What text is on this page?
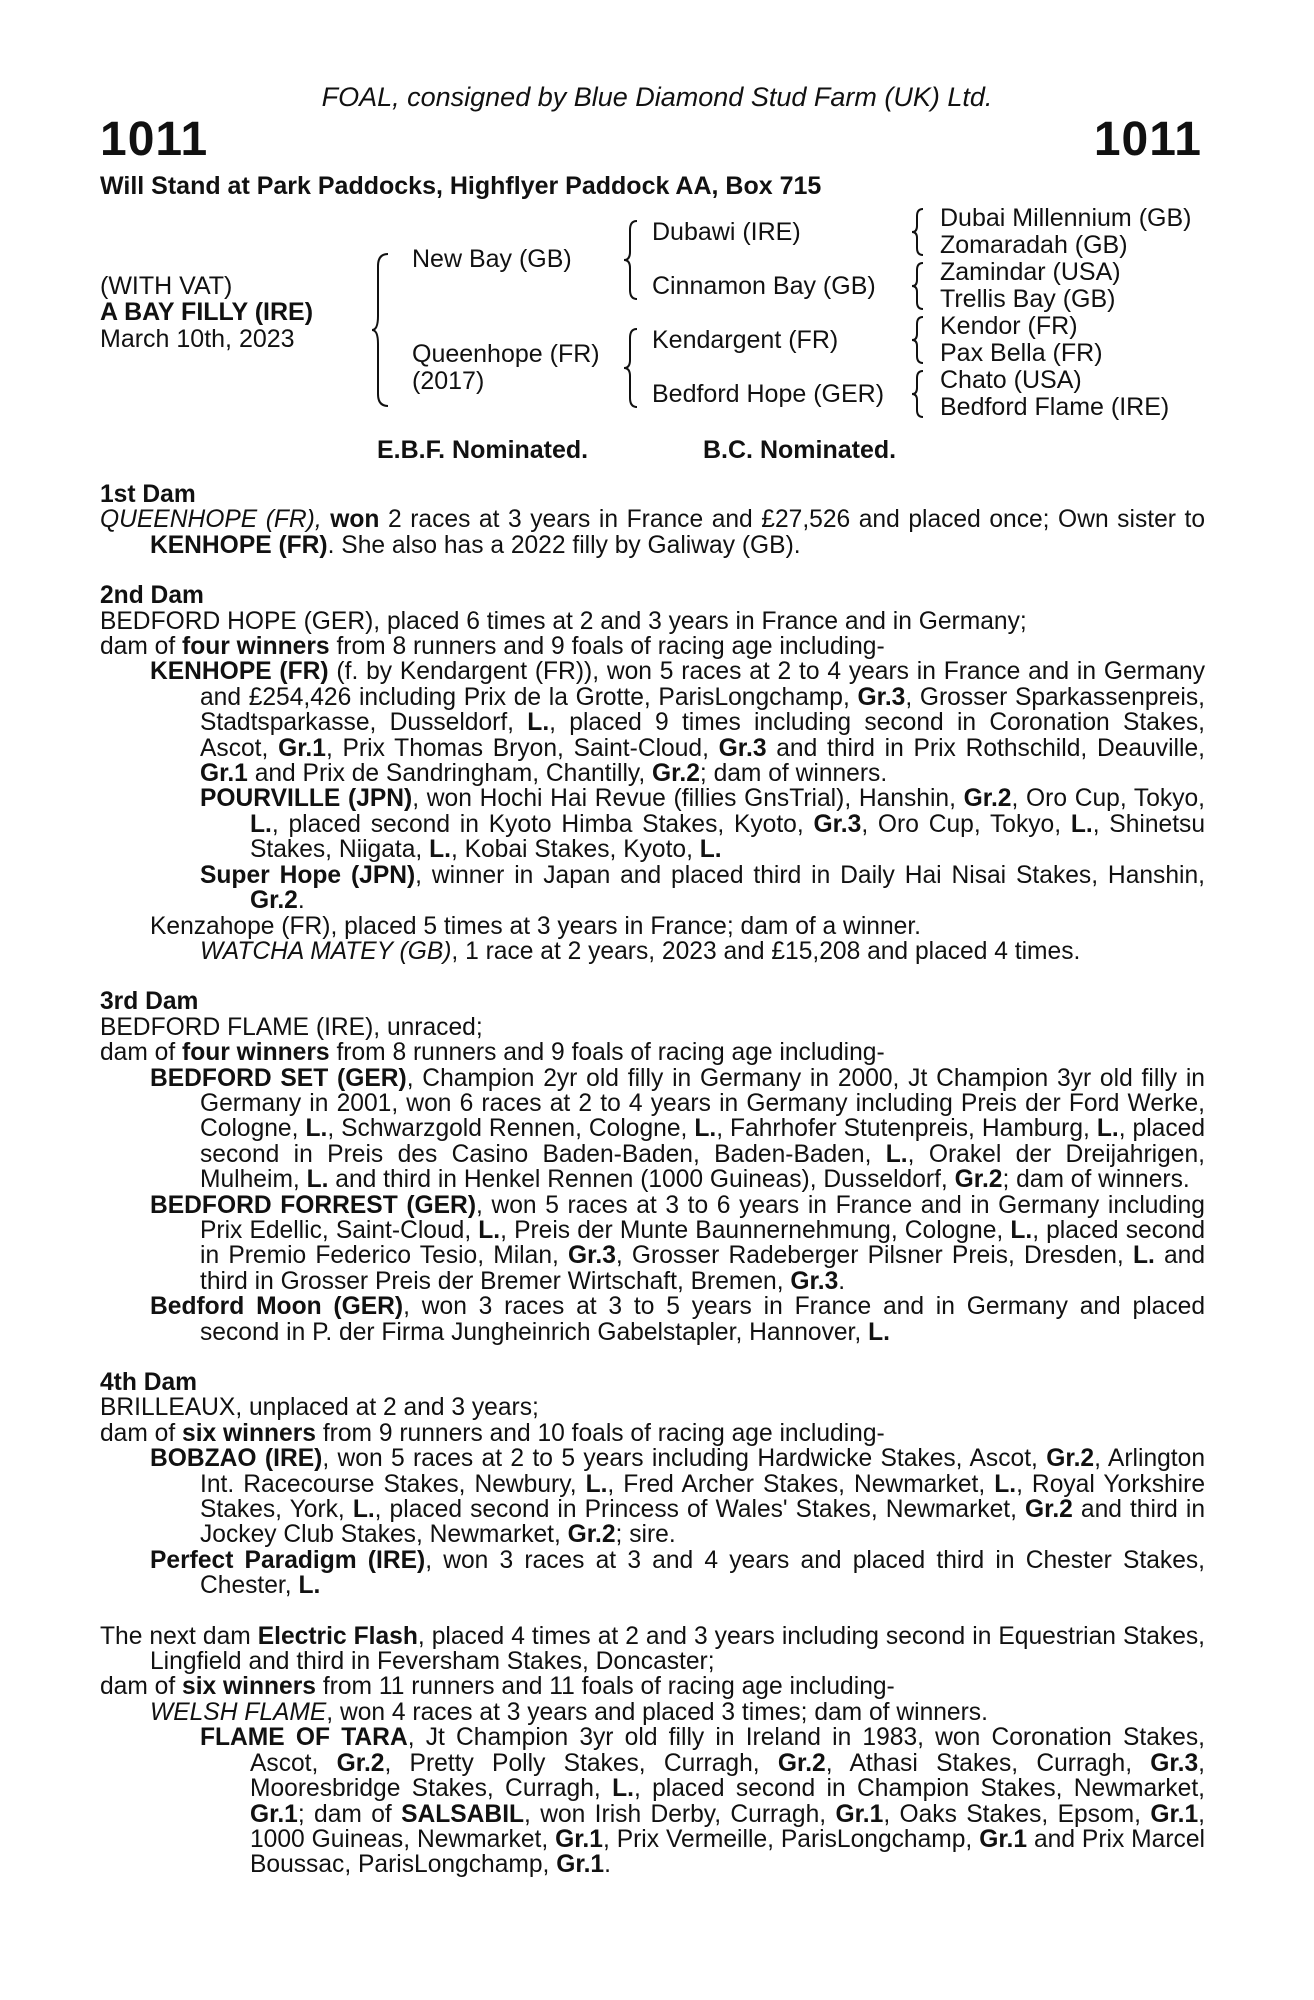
FOAL, consigned by Blue Diamond Stud Farm (UK) Ltd.
1011	1011
Will Stand at Park Paddocks, Highflyer Paddock AA, Box 715
(WITH VAT)
A BAY FILLY (IRE)
March 10th, 2023
New Bay (GB)
Queenhope (FR)
(2017)
Dubawi (IRE)
Cinnamon Bay (GB)
Kendargent (FR)
Bedford Hope (GER)
Dubai Millennium (GB)
Zomaradah (GB)
Zamindar (USA)
Trellis Bay (GB)
Kendor (FR)
Pax Bella (FR)
Chato (USA)
Bedford Flame (IRE)
E.B.F. Nominated.	B.C. Nominated.
1st Dam
QUEENHOPE (FR), won 2 races at 3 years in France and £27,526 and placed once; Own sister to KENHOPE (FR). She also has a 2022 filly by Galiway (GB).
2nd Dam
BEDFORD HOPE (GER), placed 6 times at 2 and 3 years in France and in Germany;
dam of four winners from 8 runners and 9 foals of racing age including-
KENHOPE (FR) (f. by Kendargent (FR)), won 5 races at 2 to 4 years in France and in Germany and £254,426 including Prix de la Grotte, ParisLongchamp, Gr.3, Grosser Sparkassenpreis, Stadtsparkasse, Dusseldorf, L., placed 9 times including second in Coronation Stakes, Ascot, Gr.1, Prix Thomas Bryon, Saint-Cloud, Gr.3 and third in Prix Rothschild, Deauville, Gr.1 and Prix de Sandringham, Chantilly, Gr.2; dam of winners.
POURVILLE (JPN), won Hochi Hai Revue (fillies GnsTrial), Hanshin, Gr.2, Oro Cup, Tokyo, L., placed second in Kyoto Himba Stakes, Kyoto, Gr.3, Oro Cup, Tokyo, L., Shinetsu Stakes, Niigata, L., Kobai Stakes, Kyoto, L.
Super Hope (JPN), winner in Japan and placed third in Daily Hai Nisai Stakes, Hanshin, Gr.2.
Kenzahope (FR), placed 5 times at 3 years in France; dam of a winner.
WATCHA MATEY (GB), 1 race at 2 years, 2023 and £15,208 and placed 4 times.
3rd Dam
BEDFORD FLAME (IRE), unraced;
dam of four winners from 8 runners and 9 foals of racing age including-
BEDFORD SET (GER), Champion 2yr old filly in Germany in 2000, Jt Champion 3yr old filly in Germany in 2001, won 6 races at 2 to 4 years in Germany including Preis der Ford Werke, Cologne, L., Schwarzgold Rennen, Cologne, L., Fahrhofer Stutenpreis, Hamburg, L., placed second in Preis des Casino Baden-Baden, Baden-Baden, L., Orakel der Dreijahrigen, Mulheim, L. and third in Henkel Rennen (1000 Guineas), Dusseldorf, Gr.2; dam of winners.
BEDFORD FORREST (GER), won 5 races at 3 to 6 years in France and in Germany including Prix Edellic, Saint-Cloud, L., Preis der Munte Baunnernehmung, Cologne, L., placed second in Premio Federico Tesio, Milan, Gr.3, Grosser Radeberger Pilsner Preis, Dresden, L. and third in Grosser Preis der Bremer Wirtschaft, Bremen, Gr.3.
Bedford Moon (GER), won 3 races at 3 to 5 years in France and in Germany and placed second in P. der Firma Jungheinrich Gabelstapler, Hannover, L.
4th Dam
BRILLEAUX, unplaced at 2 and 3 years;
dam of six winners from 9 runners and 10 foals of racing age including-
BOBZAO (IRE), won 5 races at 2 to 5 years including Hardwicke Stakes, Ascot, Gr.2, Arlington Int. Racecourse Stakes, Newbury, L., Fred Archer Stakes, Newmarket, L., Royal Yorkshire Stakes, York, L., placed second in Princess of Wales' Stakes, Newmarket, Gr.2 and third in Jockey Club Stakes, Newmarket, Gr.2; sire.
Perfect Paradigm (IRE), won 3 races at 3 and 4 years and placed third in Chester Stakes, Chester, L.
The next dam Electric Flash, placed 4 times at 2 and 3 years including second in Equestrian Stakes, Lingfield and third in Feversham Stakes, Doncaster;
dam of six winners from 11 runners and 11 foals of racing age including-
WELSH FLAME, won 4 races at 3 years and placed 3 times; dam of winners.
FLAME OF TARA, Jt Champion 3yr old filly in Ireland in 1983, won Coronation Stakes, Ascot, Gr.2, Pretty Polly Stakes, Curragh, Gr.2, Athasi Stakes, Curragh, Gr.3, Mooresbridge Stakes, Curragh, L., placed second in Champion Stakes, Newmarket, Gr.1; dam of SALSABIL, won Irish Derby, Curragh, Gr.1, Oaks Stakes, Epsom, Gr.1, 1000 Guineas, Newmarket, Gr.1, Prix Vermeille, ParisLongchamp, Gr.1 and Prix Marcel Boussac, ParisLongchamp, Gr.1.
